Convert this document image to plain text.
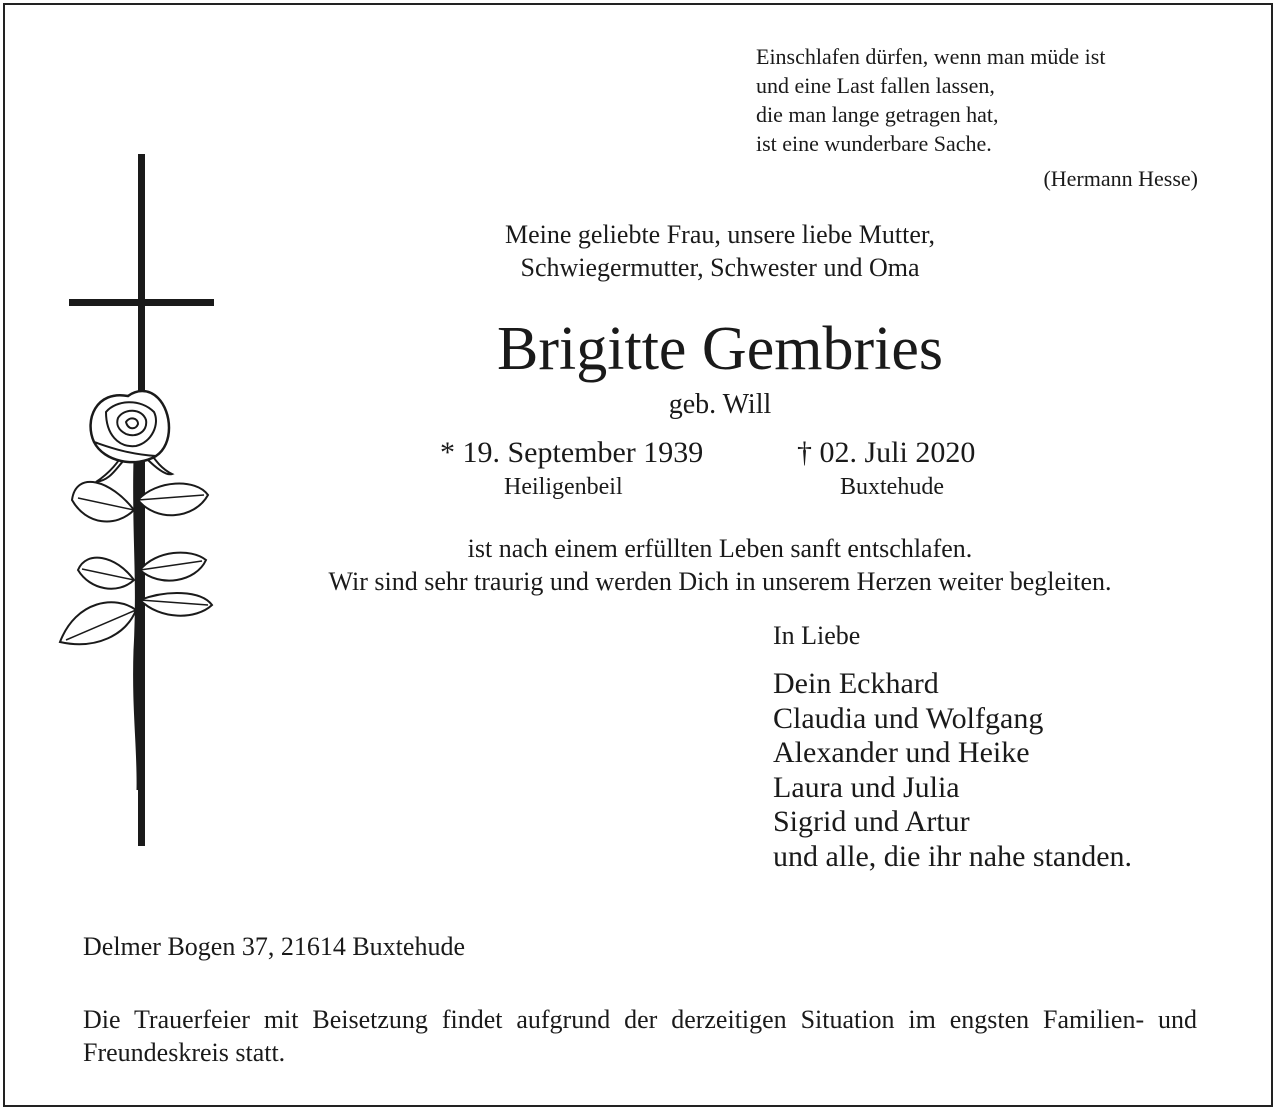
Einschlafen dürfen, wenn man müde ist
und eine Last fallen lassen,
die man lange getragen hat,
ist eine wunderbare Sache.
(Hermann Hesse)
Meine geliebte Frau, unsere liebe Mutter,
Schwiegermutter, Schwester und Oma
Brigitte Gembries
geb. Will
* 19. September 1939	† 02. Juli 2020
Heiligenbeil	Buxtehude
ist nach einem erfüllten Leben sanft entschlafen.
Wir sind sehr traurig und werden Dich in unserem Herzen weiter begleiten.
In Liebe
Dein Eckhard
Claudia und Wolfgang
Alexander und Heike
Laura und Julia
Sigrid und Artur
und alle, die ihr nahe standen.
Delmer Bogen 37, 21614 Buxtehude
Die Trauerfeier mit Beisetzung findet aufgrund der derzeitigen Situation im engsten Familien- und Freundeskreis statt.
